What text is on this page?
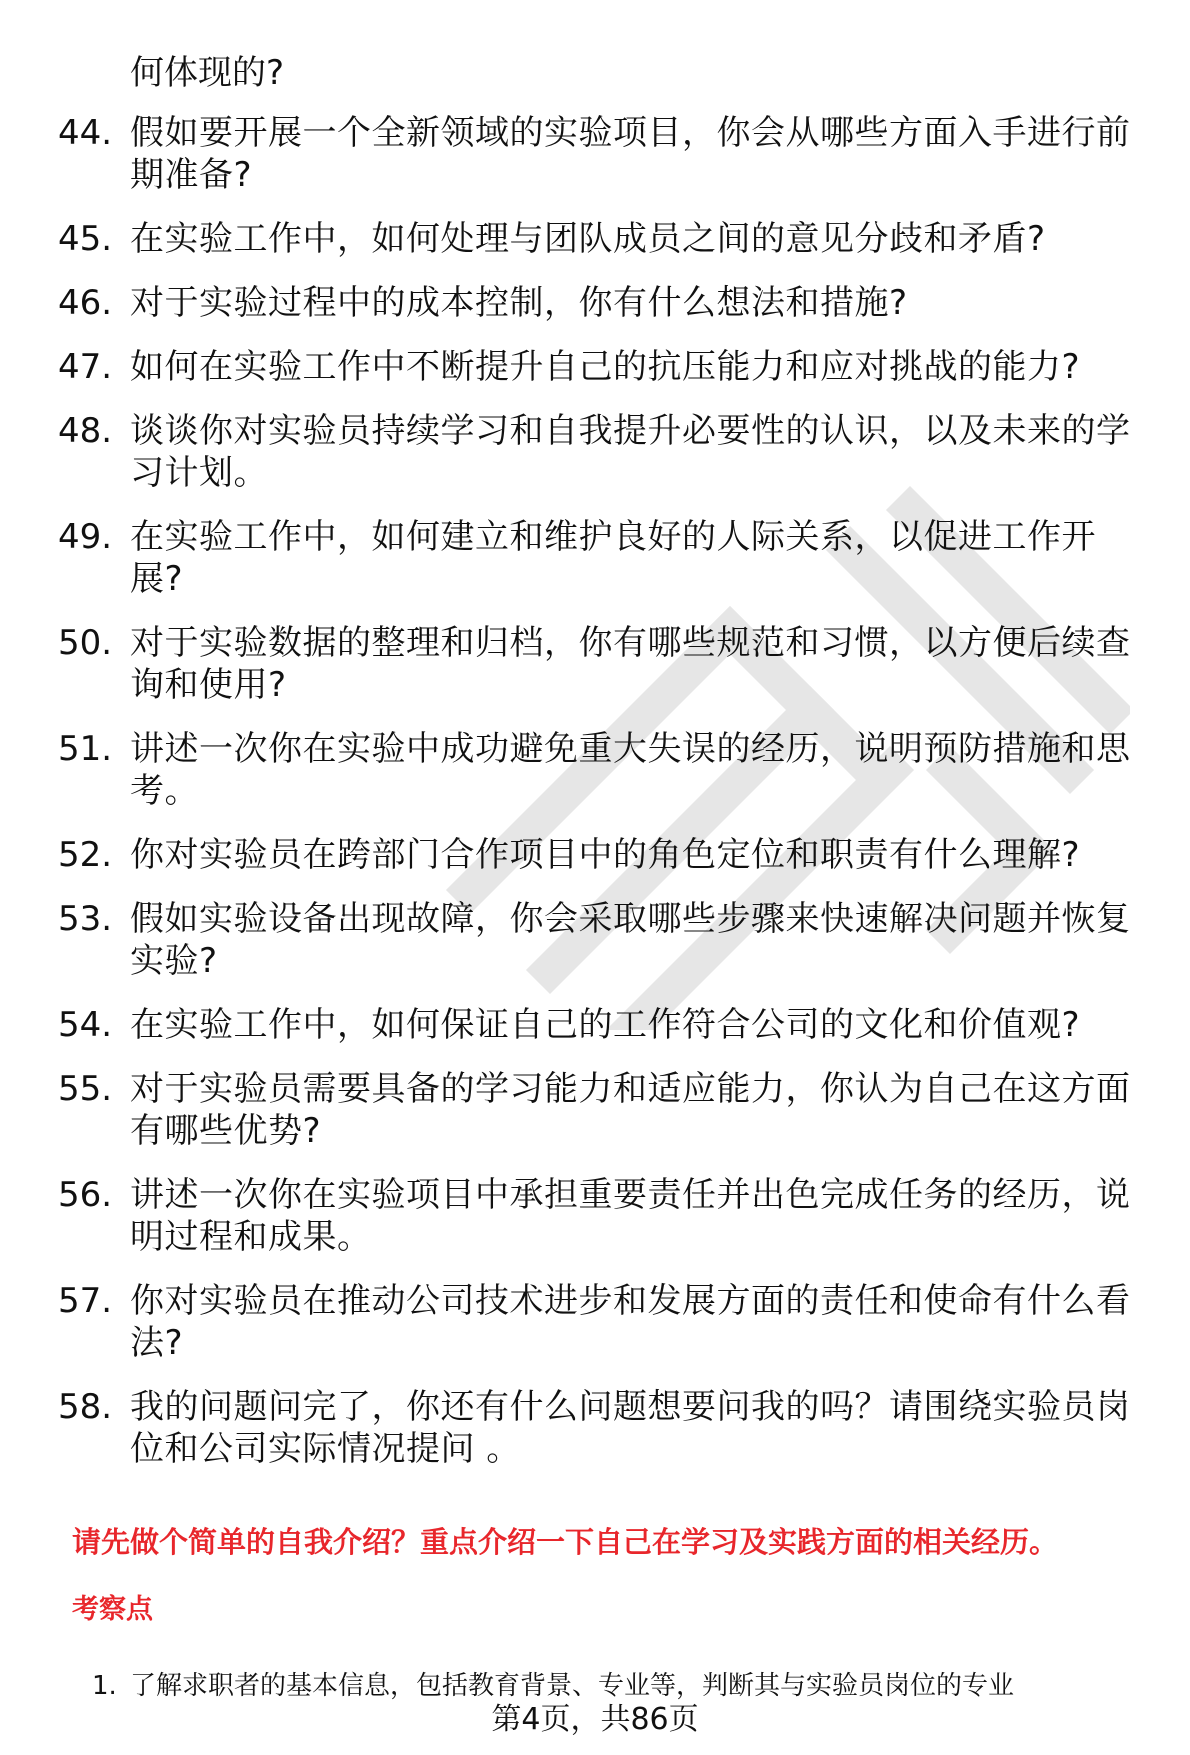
何体现的?
44. 假如要开展一个全新领域的实验项目，你会从哪些方面入手进行前期准备?
45. 在实验工作中，如何处理与团队成员之间的意见分歧和矛盾?
46. 对于实验过程中的成本控制，你有什么想法和措施?
47. 如何在实验工作中不断提升自己的抗压能力和应对挑战的能力?
48. 谈谈你对实验员持续学习和自我提升必要性的认识，以及未来的学习计划。
49. 在实验工作中，如何建立和维护良好的人际关系，以促进工作开展?
50. 对于实验数据的整理和归档，你有哪些规范和习惯，以方便后续查询和使用?
51. 讲述一次你在实验中成功避免重大失误的经历，说明预防措施和思考。
52. 你对实验员在跨部门合作项目中的角色定位和职责有什么理解?
53. 假如实验设备出现故障，你会采取哪些步骤来快速解决问题并恢复实验?
54. 在实验工作中，如何保证自己的工作符合公司的文化和价值观?
55. 对于实验员需要具备的学习能力和适应能力，你认为自己在这方面有哪些优势?
56. 讲述一次你在实验项目中承担重要责任并出色完成任务的经历，说明过程和成果。
57. 你对实验员在推动公司技术进步和发展方面的责任和使命有什么看法?
58. 我的问题问完了，你还有什么问题想要问我的吗？请围绕实验员岗位和公司实际情况提问 。
请先做个简单的自我介绍？重点介绍一下自己在学习及实践方面的相关经历。
考察点
1. 了解求职者的基本信息，包括教育背景、专业等，判断其与实验员岗位的专业
第4页，共86页
